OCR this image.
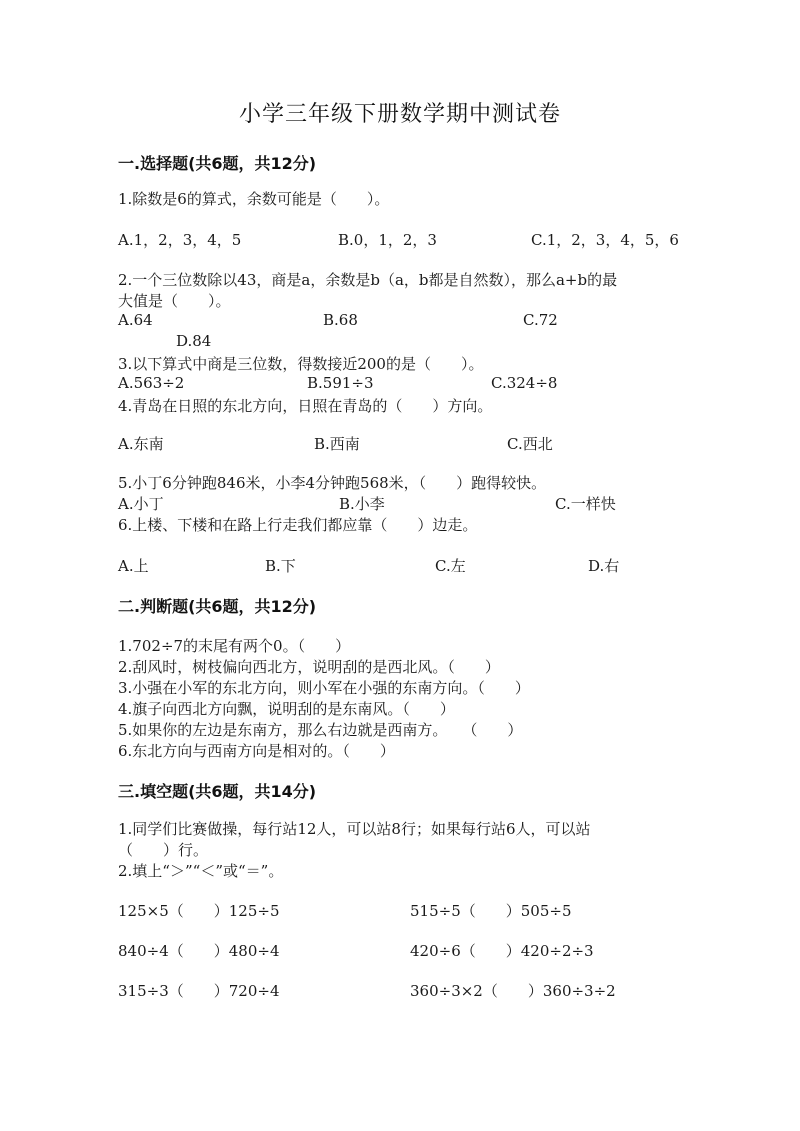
小学三年级下册数学期中测试卷
一.选择题(共6题，共12分)
1.除数是6的算式，余数可能是（　　）。
A.1，2，3，4，5	B.0，1，2，3	C.1，2，3，4，5，6
2.一个三位数除以43，商是a，余数是b（a，b都是自然数），那么a+b的最
大值是（　　）。
A.64	B.68	C.72
D.84
3.以下算式中商是三位数，得数接近200的是（　　）。
A.563÷2	B.591÷3	C.324÷8
4.青岛在日照的东北方向，日照在青岛的（　　）方向。
A.东南	B.西南	C.西北
5.小丁6分钟跑846米，小李4分钟跑568米，（　　）跑得较快。
A.小丁	B.小李	C.一样快
6.上楼、下楼和在路上行走我们都应靠（　　）边走。
A.上	B.下	C.左	D.右
二.判断题(共6题，共12分)
1.702÷7的末尾有两个0。（　　）
2.刮风时，树枝偏向西北方，说明刮的是西北风。（　　）
3.小强在小军的东北方向，则小军在小强的东南方向。（　　）
4.旗子向西北方向飘，说明刮的是东南风。（　　）
5.如果你的左边是东南方，那么右边就是西南方。　　（　　）
6.东北方向与西南方向是相对的。（　　）
三.填空题(共6题，共14分)
1.同学们比赛做操，每行站12人，可以站8行；如果每行站6人，可以站
（　　）行。
2.填上“＞”“＜”或“＝”。
125×5（　　）125÷5	515÷5（　　）505÷5
840÷4（　　）480÷4	420÷6（　　）420÷2÷3
315÷3（　　）720÷4	360÷3×2（　　）360÷3÷2
